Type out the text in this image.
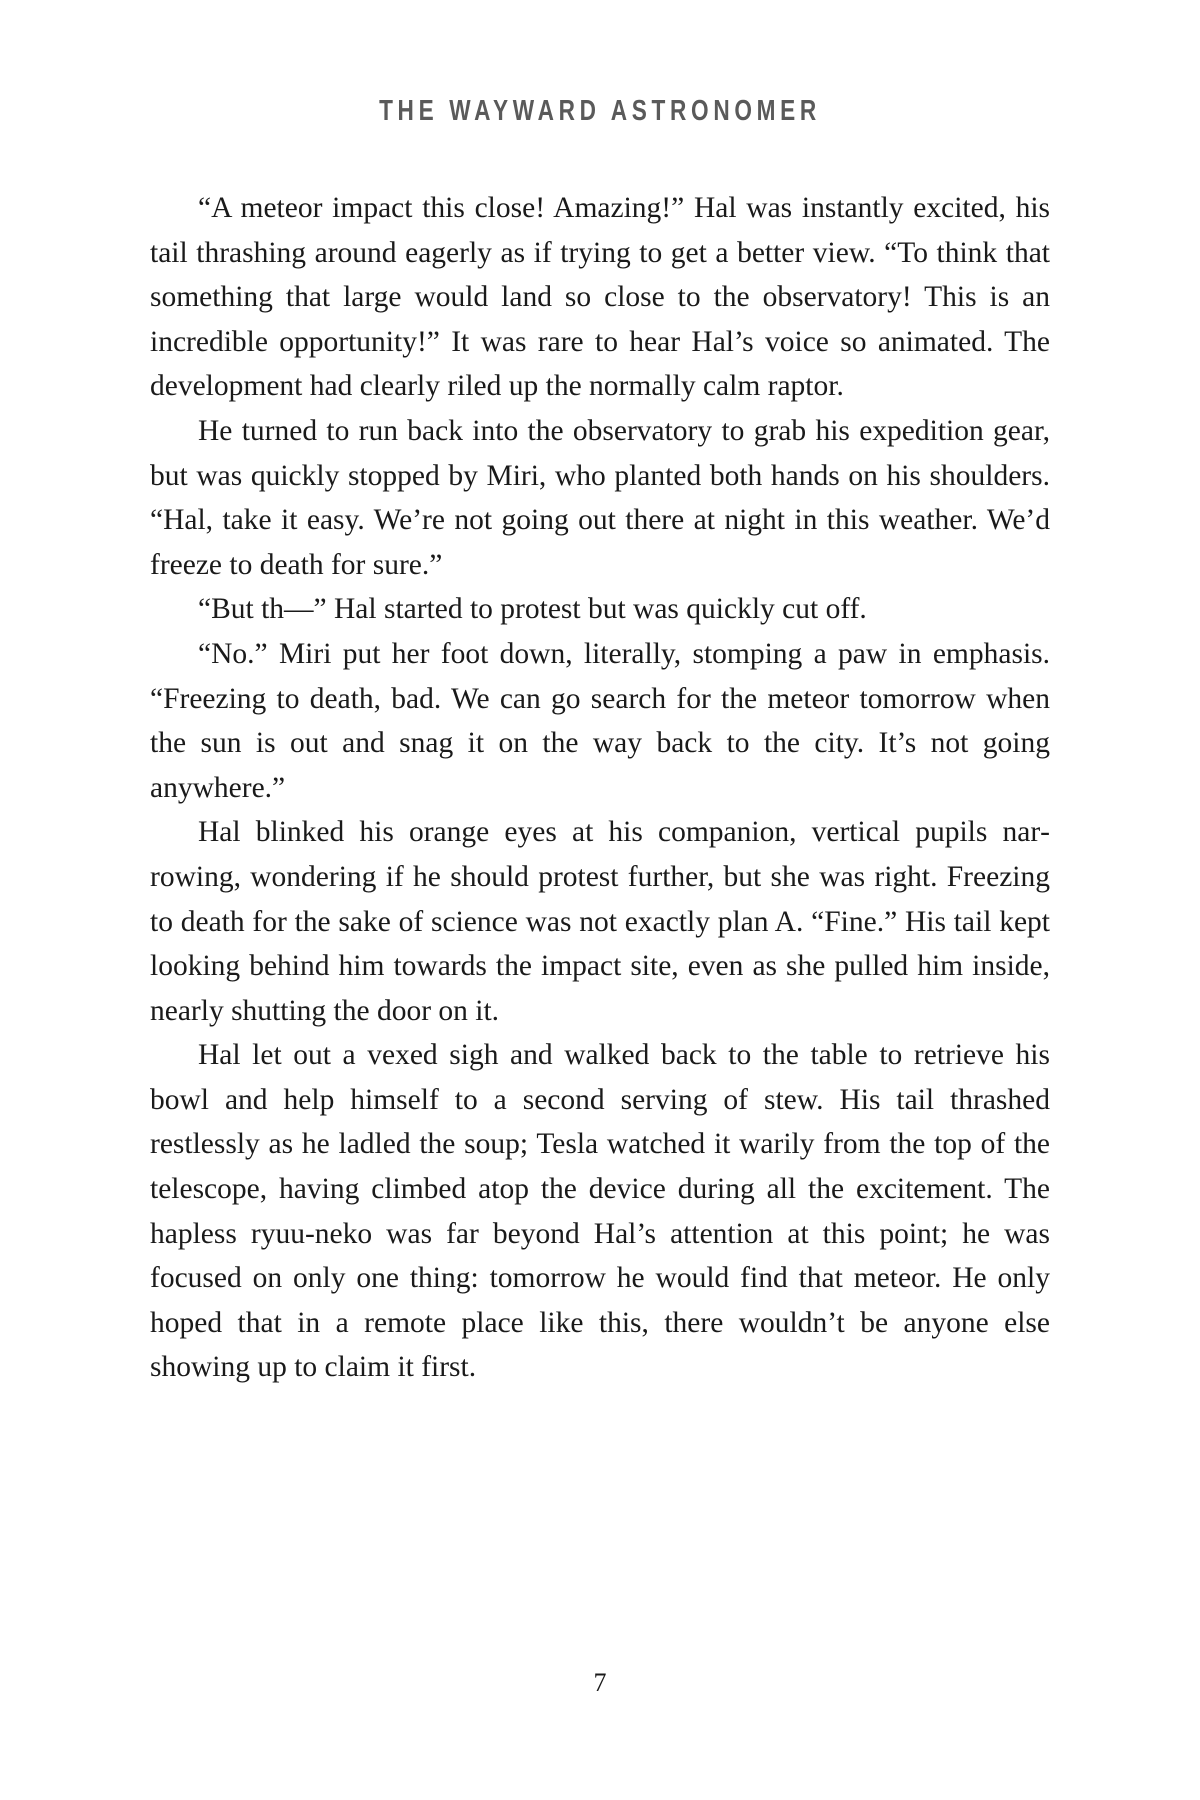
THE WAYWARD ASTRONOMER

“A meteor impact this close! Amazing!” Hal was instantly excited, his tail thrashing around eagerly as if trying to get a better view. “To think that something that large would land so close to the observatory! This is an incredible opportunity!” It was rare to hear Hal’s voice so animated. The development had clearly riled up the normally calm raptor.

He turned to run back into the observatory to grab his expedition gear, but was quickly stopped by Miri, who planted both hands on his shoulders. “Hal, take it easy. We’re not going out there at night in this weather. We’d freeze to death for sure.”

“But th—” Hal started to protest but was quickly cut off.

“No.” Miri put her foot down, literally, stomping a paw in emphasis. “Freezing to death, bad. We can go search for the meteor tomorrow when the sun is out and snag it on the way back to the city. It’s not going anywhere.”

Hal blinked his orange eyes at his companion, vertical pupils narrowing, wondering if he should protest further, but she was right. Freezing to death for the sake of science was not exactly plan A. “Fine.” His tail kept looking behind him towards the impact site, even as she pulled him inside, nearly shutting the door on it.

Hal let out a vexed sigh and walked back to the table to retrieve his bowl and help himself to a second serving of stew. His tail thrashed restlessly as he ladled the soup; Tesla watched it warily from the top of the telescope, having climbed atop the device during all the excitement. The hapless ryuu-neko was far beyond Hal’s attention at this point; he was focused on only one thing: tomorrow he would find that meteor. He only hoped that in a remote place like this, there wouldn’t be anyone else showing up to claim it first.

7
